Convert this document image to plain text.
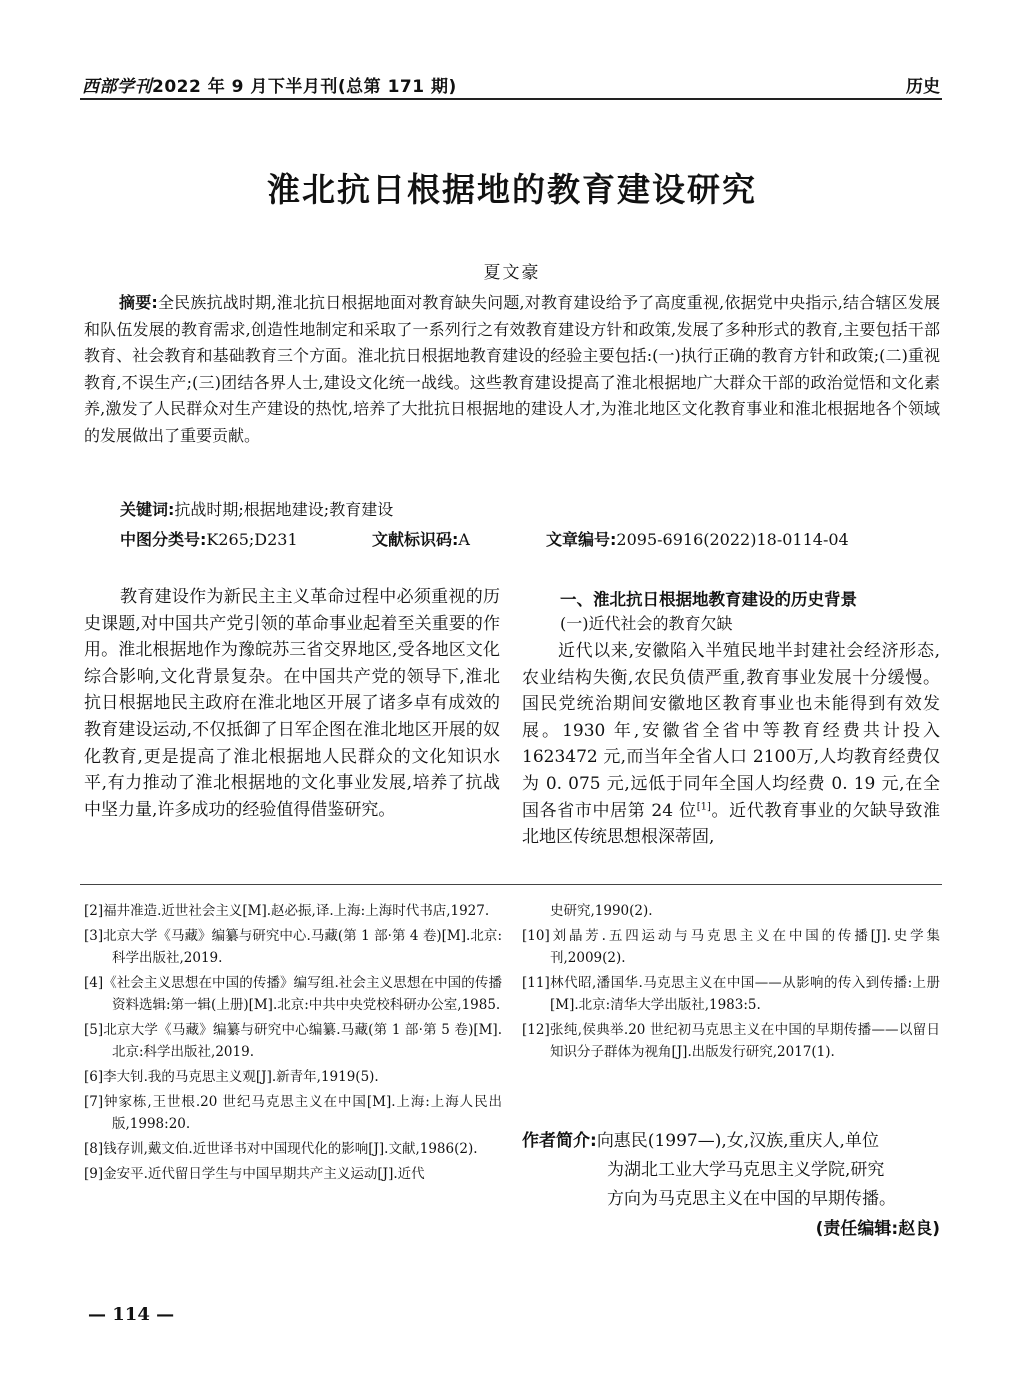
西部学刊2022 年 9 月下半月刊(总第 171 期)	历史
淮北抗日根据地的教育建设研究
夏文豪
摘要:全民族抗战时期,淮北抗日根据地面对教育缺失问题,对教育建设给予了高度重视,依据党中央指示,结合辖区发展和队伍发展的教育需求,创造性地制定和采取了一系列行之有效教育建设方针和政策,发展了多种形式的教育,主要包括干部教育、社会教育和基础教育三个方面。淮北抗日根据地教育建设的经验主要包括:(一)执行正确的教育方针和政策;(二)重视教育,不误生产;(三)团结各界人士,建设文化统一战线。这些教育建设提高了淮北根据地广大群众干部的政治觉悟和文化素养,激发了人民群众对生产建设的热忱,培养了大批抗日根据地的建设人才,为淮北地区文化教育事业和淮北根据地各个领域的发展做出了重要贡献。
关键词:抗战时期;根据地建设;教育建设
中图分类号:K265;D231	文献标识码:A	文章编号:2095-6916(2022)18-0114-04
教育建设作为新民主主义革命过程中必须重视的历史课题,对中国共产党引领的革命事业起着至关重要的作用。淮北根据地作为豫皖苏三省交界地区,受各地区文化综合影响,文化背景复杂。在中国共产党的领导下,淮北抗日根据地民主政府在淮北地区开展了诸多卓有成效的教育建设运动,不仅抵御了日军企图在淮北地区开展的奴化教育,更是提高了淮北根据地人民群众的文化知识水平,有力推动了淮北根据地的文化事业发展,培养了抗战中坚力量,许多成功的经验值得借鉴研究。
一、淮北抗日根据地教育建设的历史背景
(一)近代社会的教育欠缺
近代以来,安徽陷入半殖民地半封建社会经济形态,农业结构失衡,农民负债严重,教育事业发展十分缓慢。国民党统治期间安徽地区教育事业也未能得到有效发展。1930 年,安徽省全省中等教育经费共计投入 1623472 元,而当年全省人口 2100万,人均教育经费仅为 0. 075 元,远低于同年全国人均经费 0. 19 元,在全国各省市中居第 24 位[1]。近代教育事业的欠缺导致淮北地区传统思想根深蒂固,
[2]福井准造.近世社会主义[M].赵必振,译.上海:上海时代书店,1927.
[3]北京大学《马藏》编纂与研究中心.马藏(第 1 部·第 4 卷)[M].北京:科学出版社,2019.
[4]《社会主义思想在中国的传播》编写组.社会主义思想在中国的传播资料选辑:第一辑(上册)[M].北京:中共中央党校科研办公室,1985.
[5]北京大学《马藏》编纂与研究中心编纂.马藏(第 1 部·第 5 卷)[M].北京:科学出版社,2019.
[6]李大钊.我的马克思主义观[J].新青年,1919(5).
[7]钟家栋,王世根.20 世纪马克思主义在中国[M].上海:上海人民出版,1998:20.
[8]钱存训,戴文伯.近世译书对中国现代化的影响[J].文献,1986(2).
[9]金安平.近代留日学生与中国早期共产主义运动[J].近代
史研究,1990(2).
[10]刘晶芳.五四运动与马克思主义在中国的传播[J].史学集刊,2009(2).
[11]林代昭,潘国华.马克思主义在中国——从影响的传入到传播:上册[M].北京:清华大学出版社,1983:5.
[12]张纯,侯典举.20 世纪初马克思主义在中国的早期传播——以留日知识分子群体为视角[J].出版发行研究,2017(1).
作者简介:向惠民(1997—),女,汉族,重庆人,单位
为湖北工业大学马克思主义学院,研究
方向为马克思主义在中国的早期传播。
(责任编辑:赵良)
— 114 —
